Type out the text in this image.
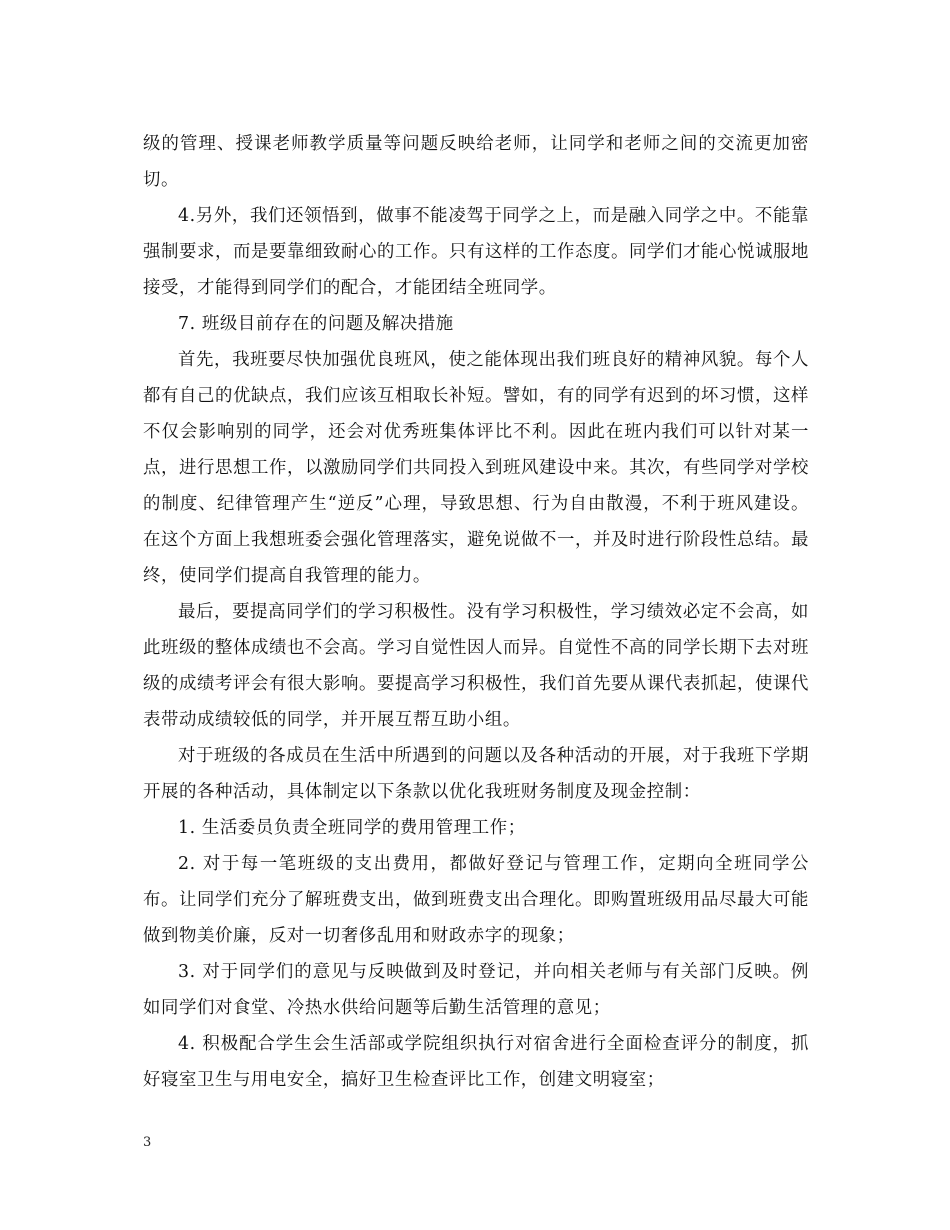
级的管理、授课老师教学质量等问题反映给老师，让同学和老师之间的交流更加密切。

4.另外，我们还领悟到，做事不能凌驾于同学之上，而是融入同学之中。不能靠强制要求，而是要靠细致耐心的工作。只有这样的工作态度。同学们才能心悦诚服地接受，才能得到同学们的配合，才能团结全班同学。

7. 班级目前存在的问题及解决措施

首先，我班要尽快加强优良班风，使之能体现出我们班良好的精神风貌。每个人都有自己的优缺点，我们应该互相取长补短。譬如，有的同学有迟到的坏习惯，这样不仅会影响别的同学，还会对优秀班集体评比不利。因此在班内我们可以针对某一点，进行思想工作，以激励同学们共同投入到班风建设中来。其次，有些同学对学校的制度、纪律管理产生“逆反”心理，导致思想、行为自由散漫，不利于班风建设。在这个方面上我想班委会强化管理落实，避免说做不一，并及时进行阶段性总结。最终，使同学们提高自我管理的能力。

最后，要提高同学们的学习积极性。没有学习积极性，学习绩效必定不会高，如此班级的整体成绩也不会高。学习自觉性因人而异。自觉性不高的同学长期下去对班级的成绩考评会有很大影响。要提高学习积极性，我们首先要从课代表抓起，使课代表带动成绩较低的同学，并开展互帮互助小组。

对于班级的各成员在生活中所遇到的问题以及各种活动的开展，对于我班下学期开展的各种活动，具体制定以下条款以优化我班财务制度及现金控制：

1. 生活委员负责全班同学的费用管理工作；

2. 对于每一笔班级的支出费用，都做好登记与管理工作，定期向全班同学公布。让同学们充分了解班费支出，做到班费支出合理化。即购置班级用品尽最大可能做到物美价廉，反对一切奢侈乱用和财政赤字的现象；

3. 对于同学们的意见与反映做到及时登记，并向相关老师与有关部门反映。例如同学们对食堂、冷热水供给问题等后勤生活管理的意见；

4. 积极配合学生会生活部或学院组织执行对宿舍进行全面检查评分的制度，抓好寝室卫生与用电安全，搞好卫生检查评比工作，创建文明寝室；

3
